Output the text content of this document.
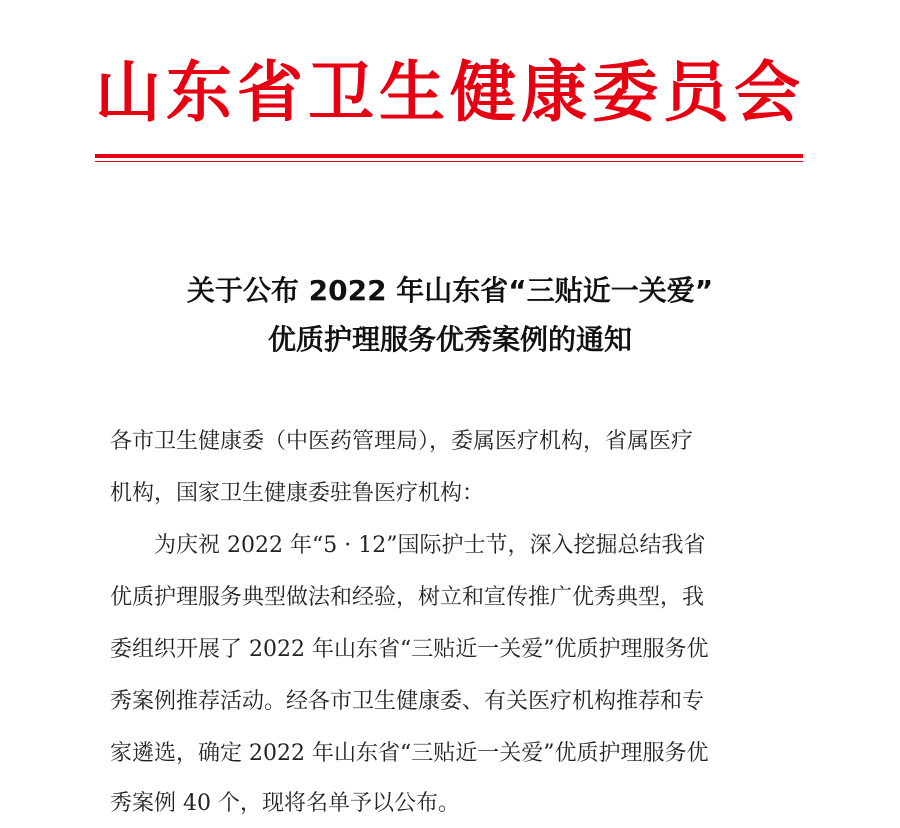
山东省卫生健康委员会
关于公布 2022 年山东省“三贴近一关爱”
优质护理服务优秀案例的通知
各市卫生健康委（中医药管理局），委属医疗机构，省属医疗
机构，国家卫生健康委驻鲁医疗机构：
　　为庆祝 2022 年“5 · 12”国际护士节，深入挖掘总结我省
优质护理服务典型做法和经验，树立和宣传推广优秀典型，我
委组织开展了 2022 年山东省“三贴近一关爱”优质护理服务优
秀案例推荐活动。经各市卫生健康委、有关医疗机构推荐和专
家遴选，确定 2022 年山东省“三贴近一关爱”优质护理服务优
秀案例 40 个，现将名单予以公布。
